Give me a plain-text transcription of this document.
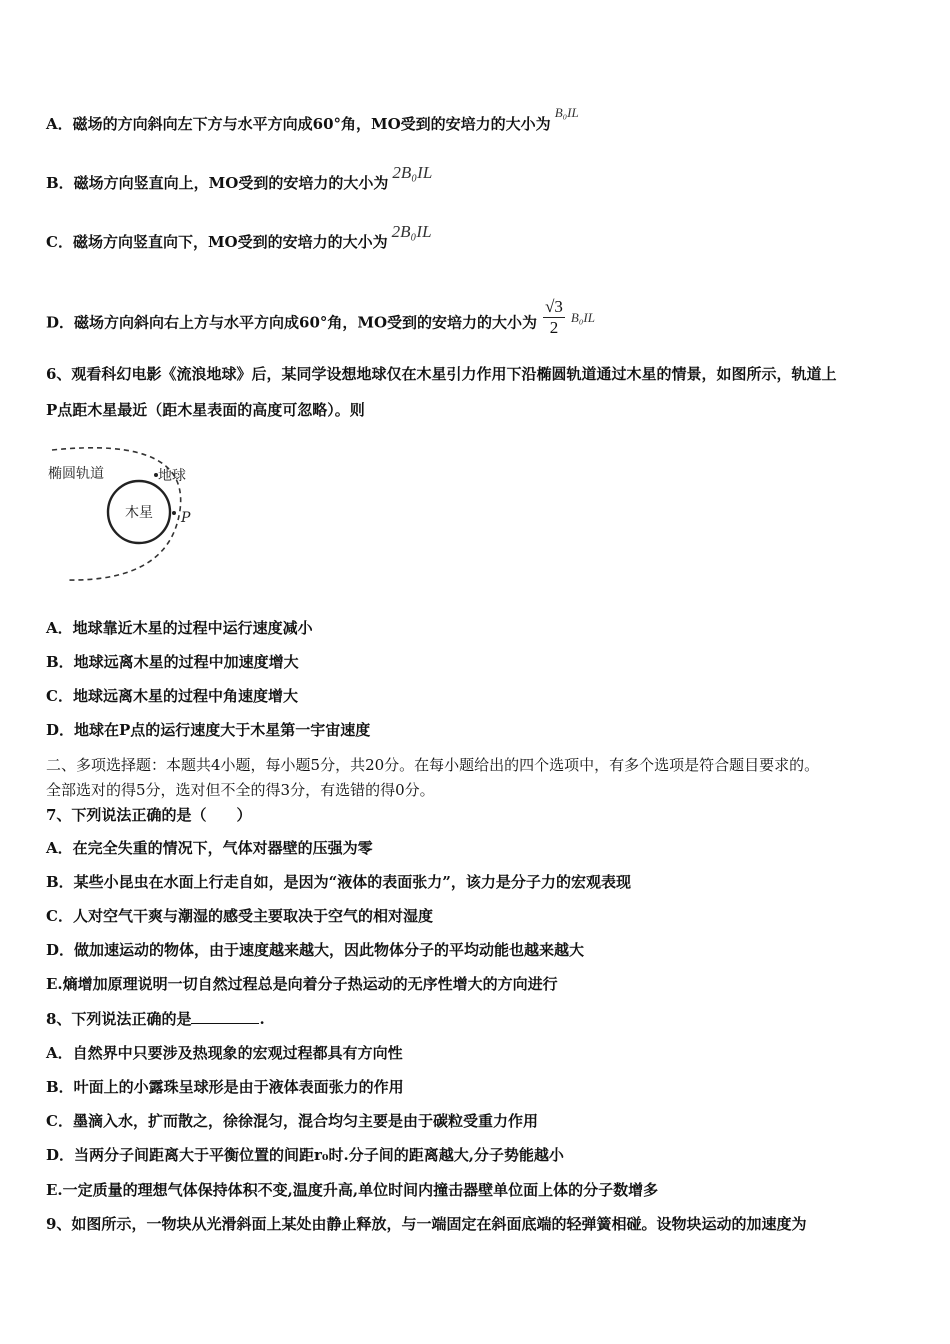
A．磁场的方向斜向左下方与水平方向成60°角，MO受到的安培力的大小为B₀IL
B．磁场方向竖直向上，MO受到的安培力的大小为2B₀IL
C．磁场方向竖直向下，MO受到的安培力的大小为2B₀IL
D．磁场方向斜向右上方与水平方向成60°角，MO受到的安培力的大小为 $\frac{√3}{2} B_0IL$
6、观看科幻电影《流浪地球》后，某同学设想地球仅在木星引力作用下沿椭圆轨道通过木星的情景，如图所示，轨道上
P点距木星最近（距木星表面的高度可忽略）。则
木星
椭圆轨道	地球
P
A．地球靠近木星的过程中运行速度减小
B．地球远离木星的过程中加速度增大
C．地球远离木星的过程中角速度增大
D．地球在P点的运行速度大于木星第一宇宙速度
二、多项选择题：本题共4小题，每小题5分，共20分。在每小题给出的四个选项中，有多个选项是符合题目要求的。
全部选对的得5分，选对但不全的得3分，有选错的得0分。
7、下列说法正确的是（　　）
A．在完全失重的情况下，气体对器壁的压强为零
B．某些小昆虫在水面上行走自如，是因为“液体的表面张力”，该力是分子力的宏观表现
C．人对空气干爽与潮湿的感受主要取决于空气的相对湿度
D．做加速运动的物体，由于速度越来越大，因此物体分子的平均动能也越来越大
E.熵增加原理说明一切自然过程总是向着分子热运动的无序性增大的方向进行
8、下列说法正确的是	.
A．自然界中只要涉及热现象的宏观过程都具有方向性
B．叶面上的小露珠呈球形是由于液体表面张力的作用
C．墨滴入水，扩而散之，徐徐混匀，混合均匀主要是由于碳粒受重力作用
D．当两分子间距离大于平衡位置的间距r₀时.分子间的距离越大,分子势能越小
E.一定质量的理想气体保持体积不变,温度升高,单位时间内撞击器壁单位面上体的分子数增多
9、如图所示，一物块从光滑斜面上某处由静止释放，与一端固定在斜面底端的轻弹簧相碰。设物块运动的加速度为
